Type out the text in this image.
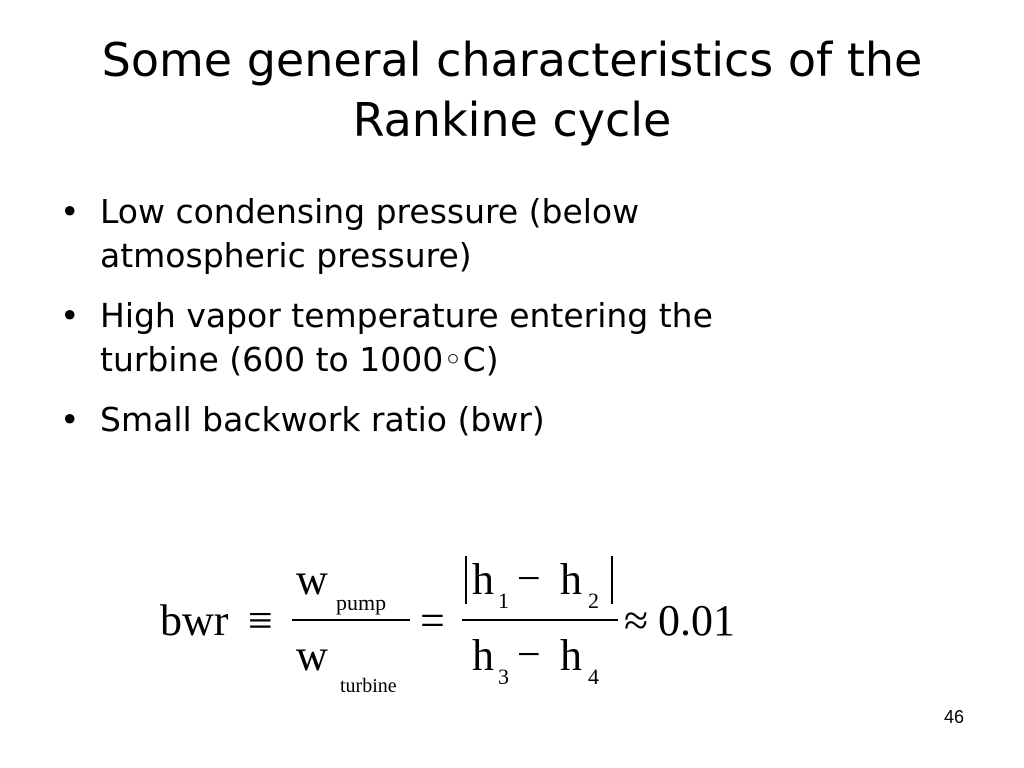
Some general characteristics of the
Rankine cycle
• Low condensing pressure (below
atmospheric pressure)
• High vapor temperature entering the
turbine (600 to 1000◦C)
• Small backwork ratio (bwr)
bwr ≡
w pump
w
turbine
=
h 1 − h 2
h 3 − h 4
≈ 0.01
46
